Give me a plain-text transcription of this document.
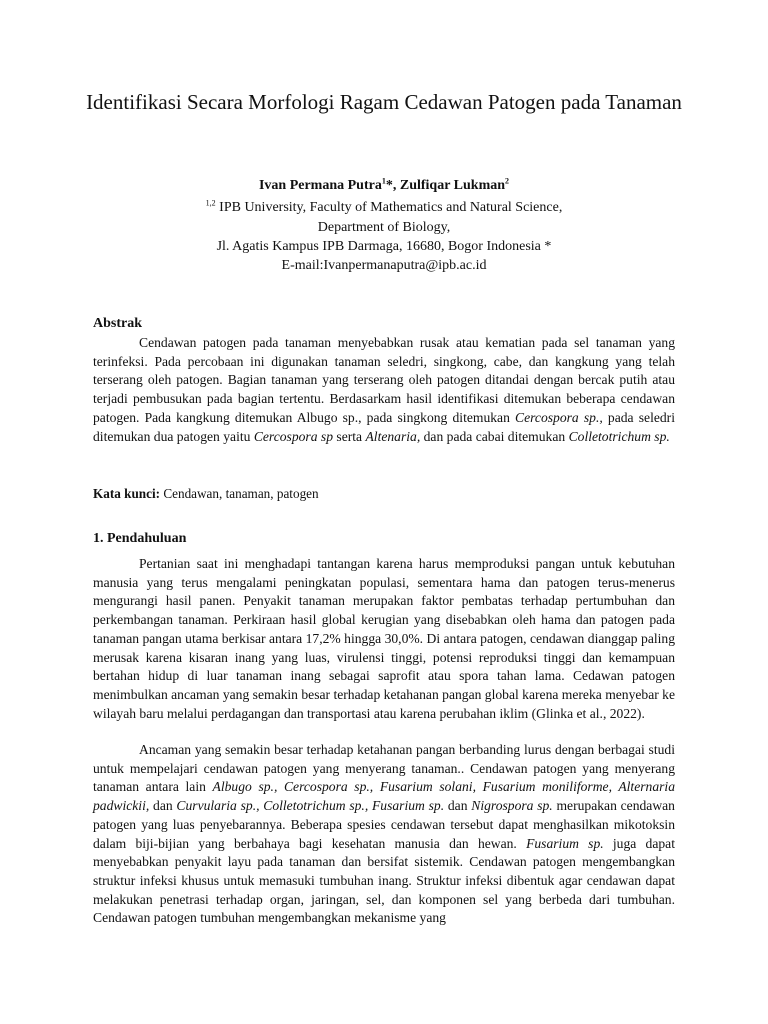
Identifikasi Secara Morfologi Ragam Cedawan Patogen pada Tanaman
Ivan Permana Putra$^1$*, Zulfiqar Lukman$^2$
$^{1,2}$ IPB University, Faculty of Mathematics and Natural Science,
Department of Biology,
Jl. Agatis Kampus IPB Darmaga, 16680, Bogor Indonesia *
E-mail:Ivanpermanaputra@ipb.ac.id
Abstrak
Cendawan patogen pada tanaman menyebabkan rusak atau kematian pada sel tanaman yang terinfeksi. Pada percobaan ini digunakan tanaman seledri, singkong, cabe, dan kangkung yang telah terserang oleh patogen. Bagian tanaman yang terserang oleh patogen ditandai dengan bercak putih atau terjadi pembusukan pada bagian tertentu. Berdasarkam hasil identifikasi ditemukan beberapa cendawan patogen. Pada kangkung ditemukan Albugo sp., pada singkong ditemukan Cercospora sp., pada seledri ditemukan dua patogen yaitu Cercospora sp serta Altenaria, dan pada cabai ditemukan Colletotrichum sp.
Kata kunci: Cendawan, tanaman, patogen
1. Pendahuluan
Pertanian saat ini menghadapi tantangan karena harus memproduksi pangan untuk kebutuhan manusia yang terus mengalami peningkatan populasi, sementara hama dan patogen terus-menerus mengurangi hasil panen. Penyakit tanaman merupakan faktor pembatas terhadap pertumbuhan dan perkembangan tanaman. Perkiraan hasil global kerugian yang disebabkan oleh hama dan patogen pada tanaman pangan utama berkisar antara 17,2% hingga 30,0%. Di antara patogen, cendawan dianggap paling merusak karena kisaran inang yang luas, virulensi tinggi, potensi reproduksi tinggi dan kemampuan bertahan hidup di luar tanaman inang sebagai saprofit atau spora tahan lama. Cedawan patogen menimbulkan ancaman yang semakin besar terhadap ketahanan pangan global karena mereka menyebar ke wilayah baru melalui perdagangan dan transportasi atau karena perubahan iklim (Glinka et al., 2022).
Ancaman yang semakin besar terhadap ketahanan pangan berbanding lurus dengan berbagai studi untuk mempelajari cendawan patogen yang menyerang tanaman.. Cendawan patogen yang menyerang tanaman antara lain Albugo sp., Cercospora sp., Fusarium solani, Fusarium moniliforme, Alternaria padwickii, dan Curvularia sp., Colletotrichum sp., Fusarium sp. dan Nigrospora sp. merupakan cendawan patogen yang luas penyebarannya. Beberapa spesies cendawan tersebut dapat menghasilkan mikotoksin dalam biji-bijian yang berbahaya bagi kesehatan manusia dan hewan. Fusarium sp. juga dapat menyebabkan penyakit layu pada tanaman dan bersifat sistemik. Cendawan patogen mengembangkan struktur infeksi khusus untuk memasuki tumbuhan inang. Struktur infeksi dibentuk agar cendawan dapat melakukan penetrasi terhadap organ, jaringan, sel, dan komponen sel yang berbeda dari tumbuhan. Cendawan patogen tumbuhan mengembangkan mekanisme yang
